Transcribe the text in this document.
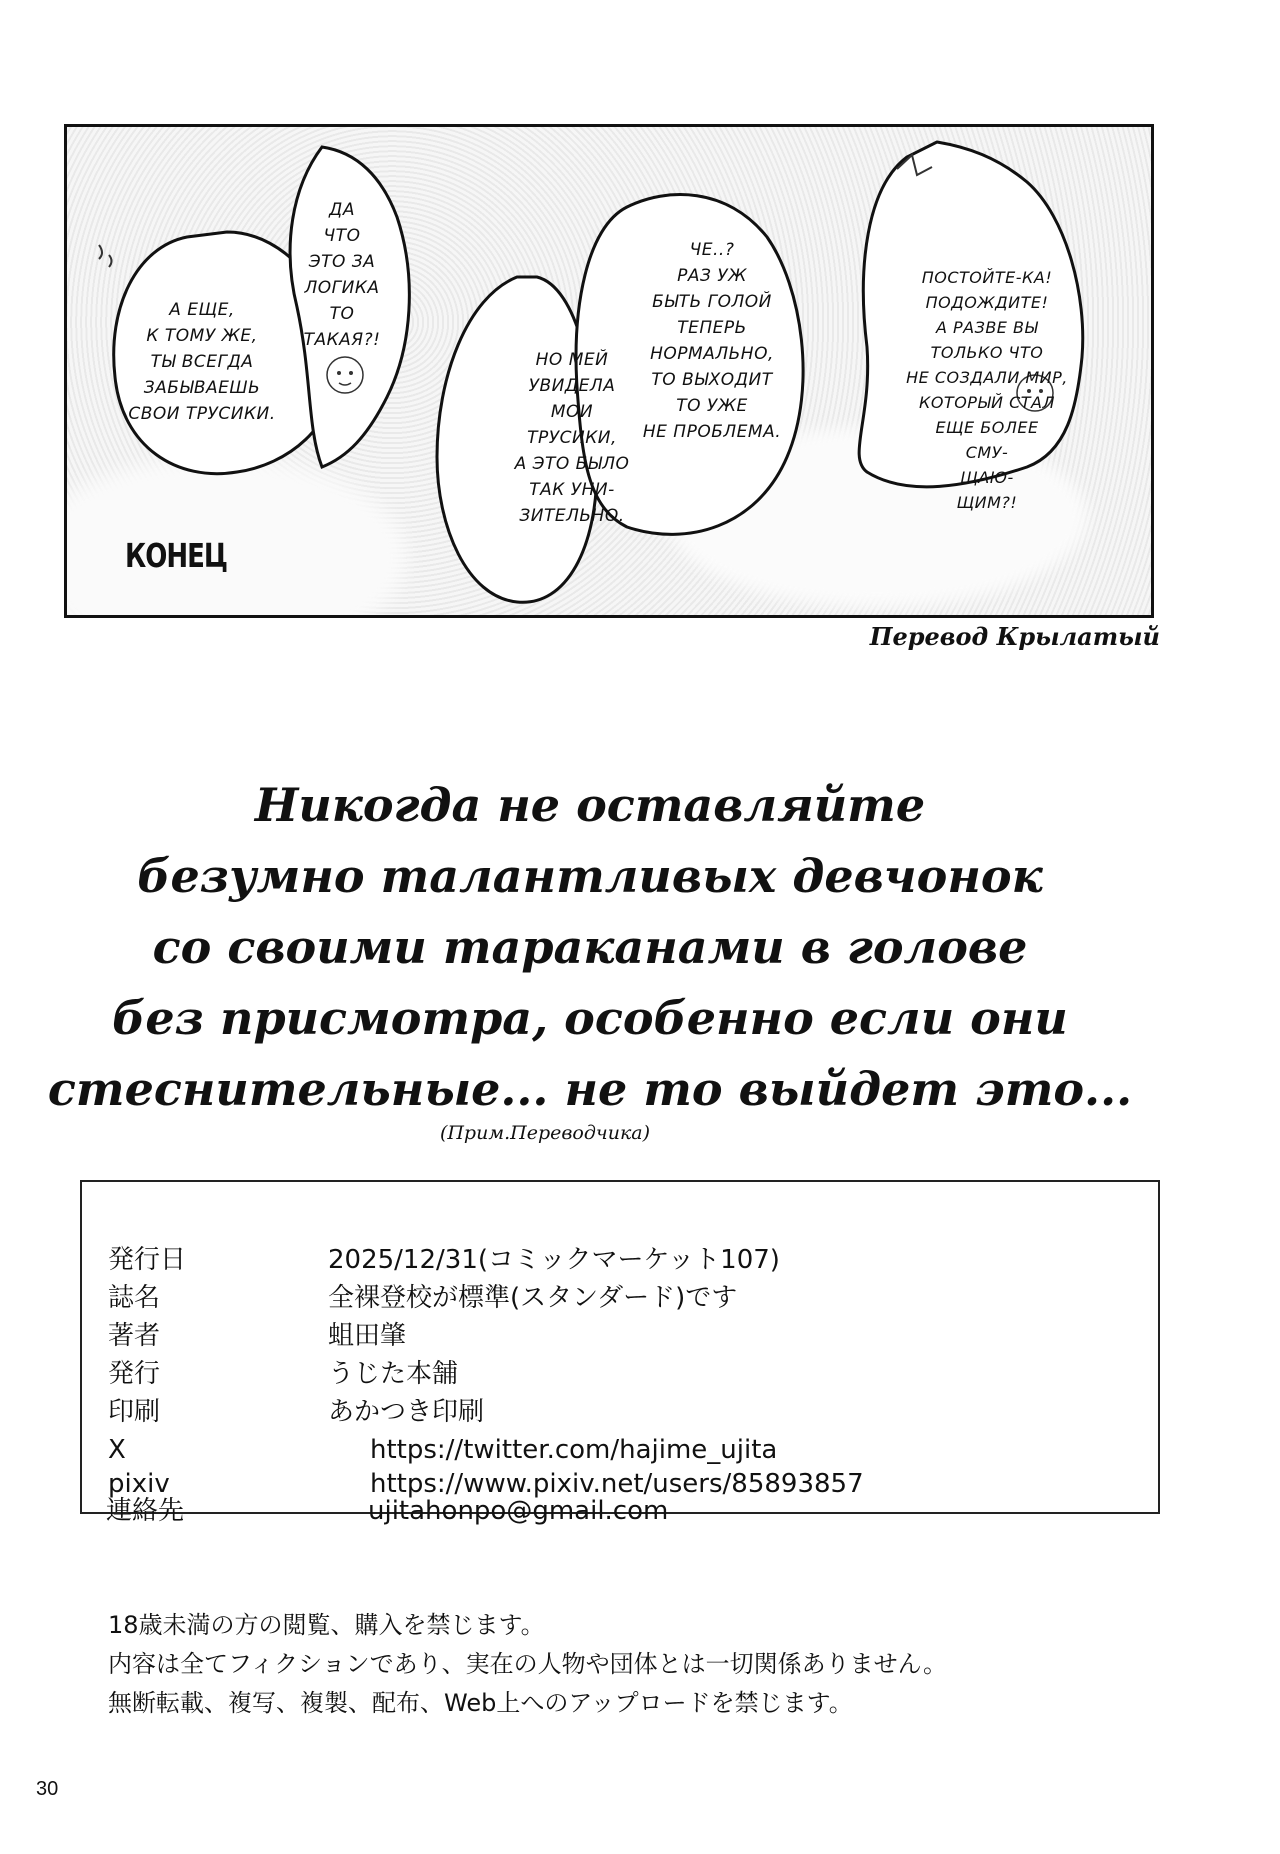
А ЕЩЕ,
К ТОМУ ЖЕ,
ТЫ ВСЕГДА
ЗАБЫВАЕШЬ
СВОИ ТРУСИКИ.
ДА
ЧТО
ЭТО ЗА
ЛОГИКА
ТО
ТАКАЯ?!
НО МЕЙ
УВИДЕЛА
МОИ
ТРУСИКИ,
А ЭТО БЫЛО
ТАК УНИ-
ЗИТЕЛЬНО.
ЧЕ..?
РАЗ УЖ
БЫТЬ ГОЛОЙ
ТЕПЕРЬ
НОРМАЛЬНО,
ТО ВЫХОДИТ
ТО УЖЕ
НЕ ПРОБЛЕМА.
ПОСТОЙТЕ-КА!
ПОДОЖДИТЕ!
А РАЗВЕ ВЫ
ТОЛЬКО ЧТО
НЕ СОЗДАЛИ МИР,
КОТОРЫЙ СТАЛ
ЕЩЕ БОЛЕЕ
СМУ-
ЩАЮ-
ЩИМ?!
КОНЕЦ
Перевод Крылатый
Никогда не оставляйте
безумно талантливых девчонок
со своими тараканами в голове
без присмотра, особенно если они
стеснительные... не то выйдет это...
(Прим.Переводчика)
発行日	2025/12/31(コミックマーケット107)
誌名	全裸登校が標準(スタンダード)です
著者	蛆田肇
発行	うじた本舗
印刷	あかつき印刷
X	https://twitter.com/hajime_ujita
pixiv	https://www.pixiv.net/users/85893857
連絡先	ujitahonpo@gmail.com
18歳未満の方の閲覧、購入を禁じます。
内容は全てフィクションであり、実在の人物や団体とは一切関係ありません。
無断転載、複写、複製、配布、Web上へのアップロードを禁じます。
30
